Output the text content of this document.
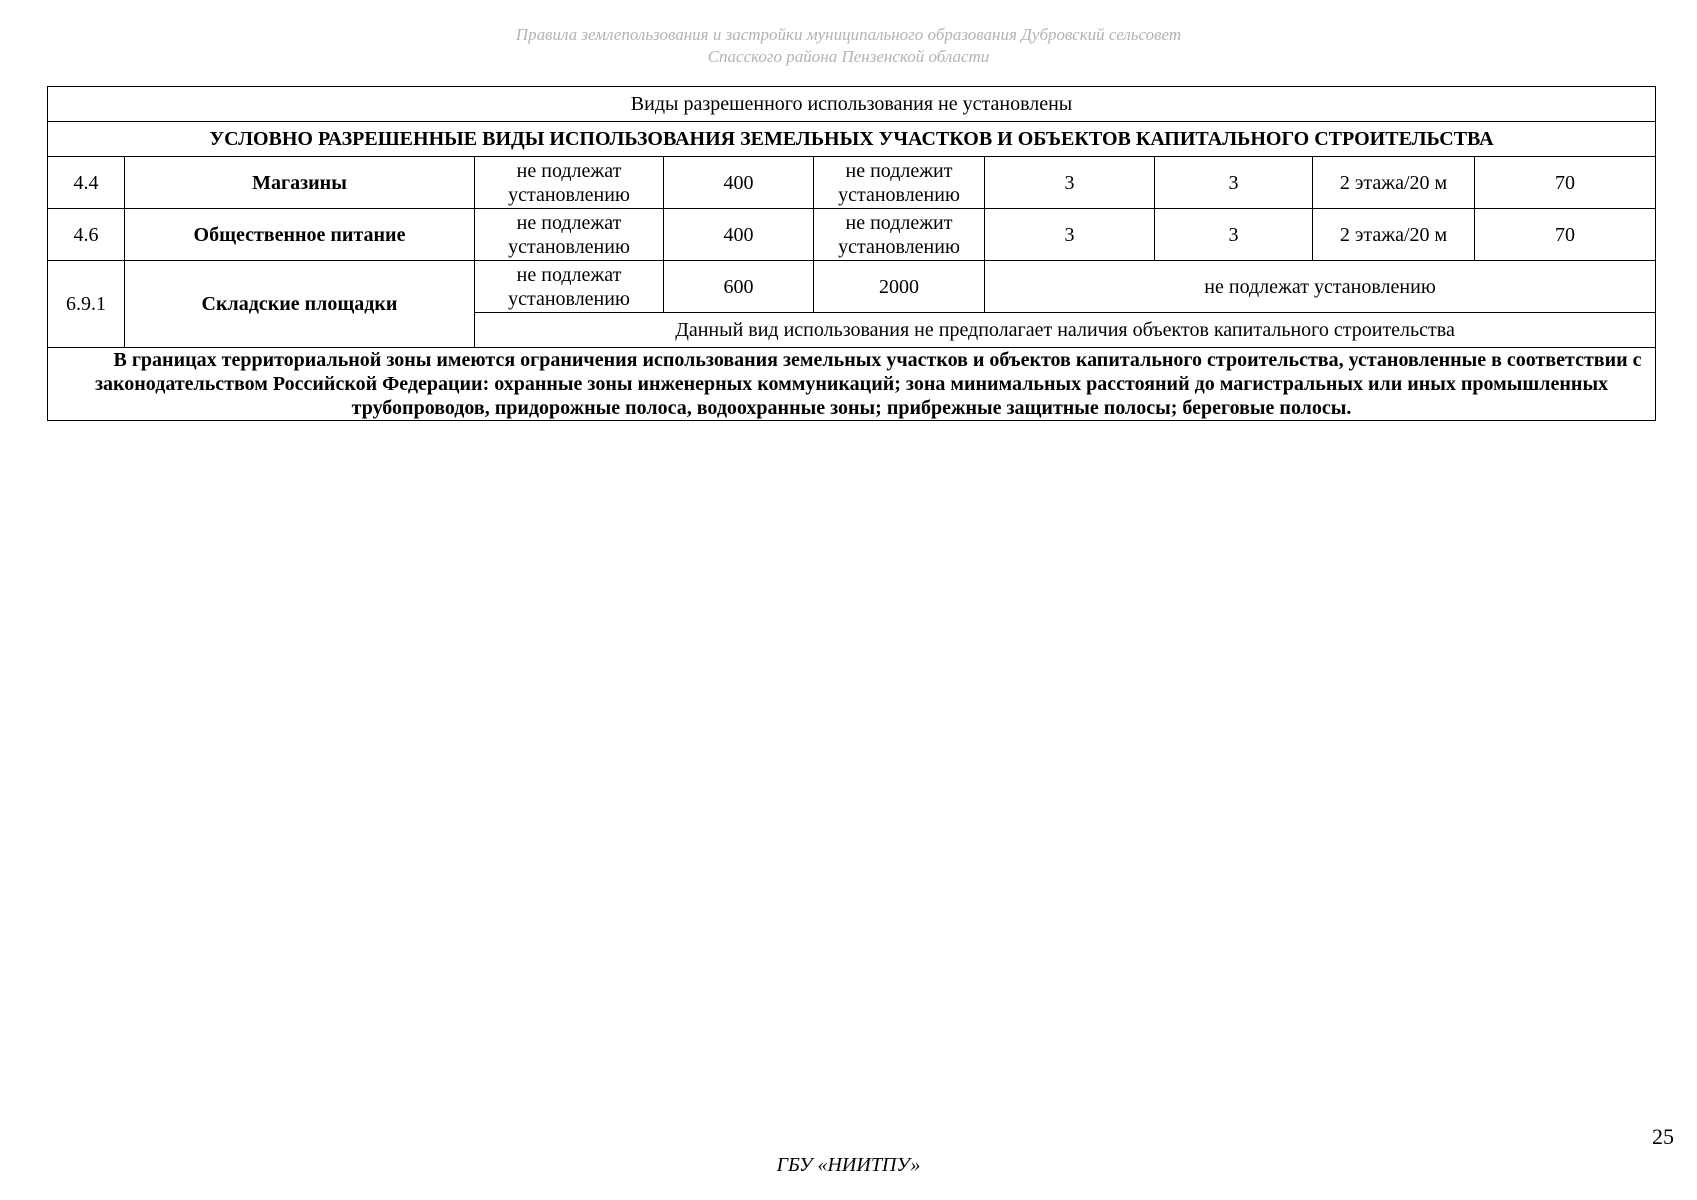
Правила землепользования и застройки муниципального образования Дубровский сельсовет
Спасского района Пензенской области
Виды разрешенного использования не установлены								
УСЛОВНО РАЗРЕШЕННЫЕ ВИДЫ ИСПОЛЬЗОВАНИЯ ЗЕМЕЛЬНЫХ УЧАСТКОВ И ОБЪЕКТОВ КАПИТАЛЬНОГО СТРОИТЕЛЬСТВА								
4.4	Магазины	не подлежат установлению	400	не подлежит установлению	3	3	2 этажа/20 м	70
4.6	Общественное питание	не подлежат установлению	400	не подлежит установлению	3	3	2 этажа/20 м	70
6.9.1	Складские площадки	не подлежат установлению	600	2000	не подлежат установлению			
		Данный вид использования не предполагает наличия объектов капитального строительства						
В границах территориальной зоны имеются ограничения использования земельных участков и объектов капитального строительства, установленные в соответствии с законодательством Российской Федерации: охранные зоны инженерных коммуникаций; зона минимальных расстояний до магистральных или иных промышленных трубопроводов, придорожные полоса, водоохранные зоны; прибрежные защитные полосы; береговые полосы.								
25
ГБУ «НИИТПУ»
